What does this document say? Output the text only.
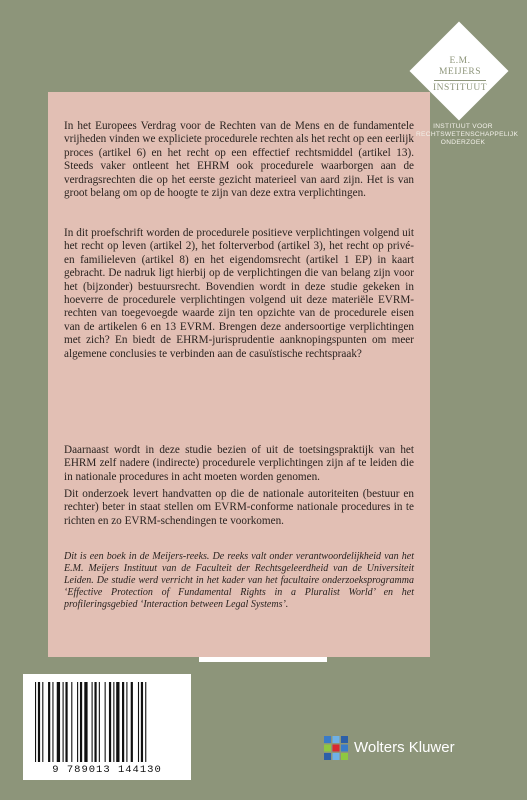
E.M.
MEIJERS
INSTITUUT
INSTITUUT VOOR
RECHTSWETENSCHAPPELIJK
ONDERZOEK

In het Europees Verdrag voor de Rechten van de Mens en de fundamentele vrijheden vinden we expliciete procedurele rechten als het recht op een eerlijk proces (artikel 6) en het recht op een effectief rechtsmiddel (artikel 13). Steeds vaker ontleent het EHRM ook procedurele waarborgen aan de verdragsrechten die op het eerste gezicht materieel van aard zijn. Het is van groot belang om op de hoogte te zijn van deze extra verplichtingen.

In dit proefschrift worden de procedurele positieve verplichtingen volgend uit het recht op leven (artikel 2), het folterverbod (artikel 3), het recht op privé- en familieleven (artikel 8) en het eigendomsrecht (artikel 1 EP) in kaart gebracht. De nadruk ligt hierbij op de verplichtingen die van belang zijn voor het (bijzonder) bestuursrecht. Bovendien wordt in deze studie gekeken in hoeverre de procedurele verplichtingen volgend uit deze materiële EVRM-rechten van toegevoegde waarde zijn ten opzichte van de procedurele eisen van de artikelen 6 en 13 EVRM. Brengen deze andersoortige verplichtingen met zich? En biedt de EHRM-jurisprudentie aanknopingspunten om meer algemene conclusies te verbinden aan de casuïstische rechtspraak?

Daarnaast wordt in deze studie bezien of uit de toetsingspraktijk van het EHRM zelf nadere (indirecte) procedurele verplichtingen zijn af te leiden die in nationale procedures in acht moeten worden genomen.

Dit onderzoek levert handvatten op die de nationale autoriteiten (bestuur en rechter) beter in staat stellen om EVRM-conforme nationale procedures in te richten en zo EVRM-schendingen te voorkomen.

Dit is een boek in de Meijers-reeks. De reeks valt onder verantwoordelijkheid van het E.M. Meijers Instituut van de Faculteit der Rechtsgeleerdheid van de Universiteit Leiden. De studie werd verricht in het kader van het facultaire onderzoeksprogramma ‘Effective Protection of Fundamental Rights in a Pluralist World’ en het profileringsgebied ‘Interaction between Legal Systems’.

9 789013 144130
Wolters Kluwer
